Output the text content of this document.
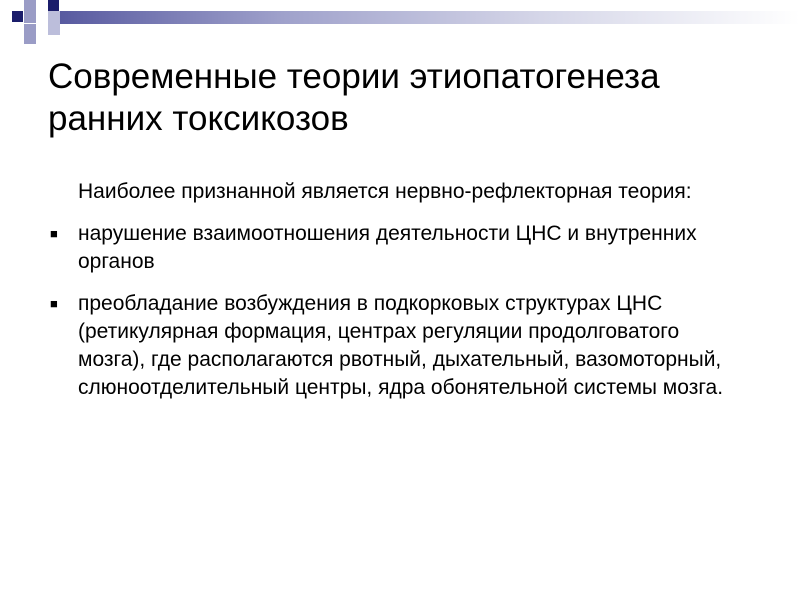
Современные теории этиопатогенеза ранних токсикозов

Наиболее признанной является нервно-рефлекторная теория:

■ нарушение взаимоотношения деятельности ЦНС и внутренних органов
■ преобладание возбуждения в подкорковых структурах ЦНС (ретикулярная формация, центрах регуляции продолговатого мозга), где располагаются рвотный, дыхательный, вазомоторный, слюноотделительный центры, ядра обонятельной системы мозга.
